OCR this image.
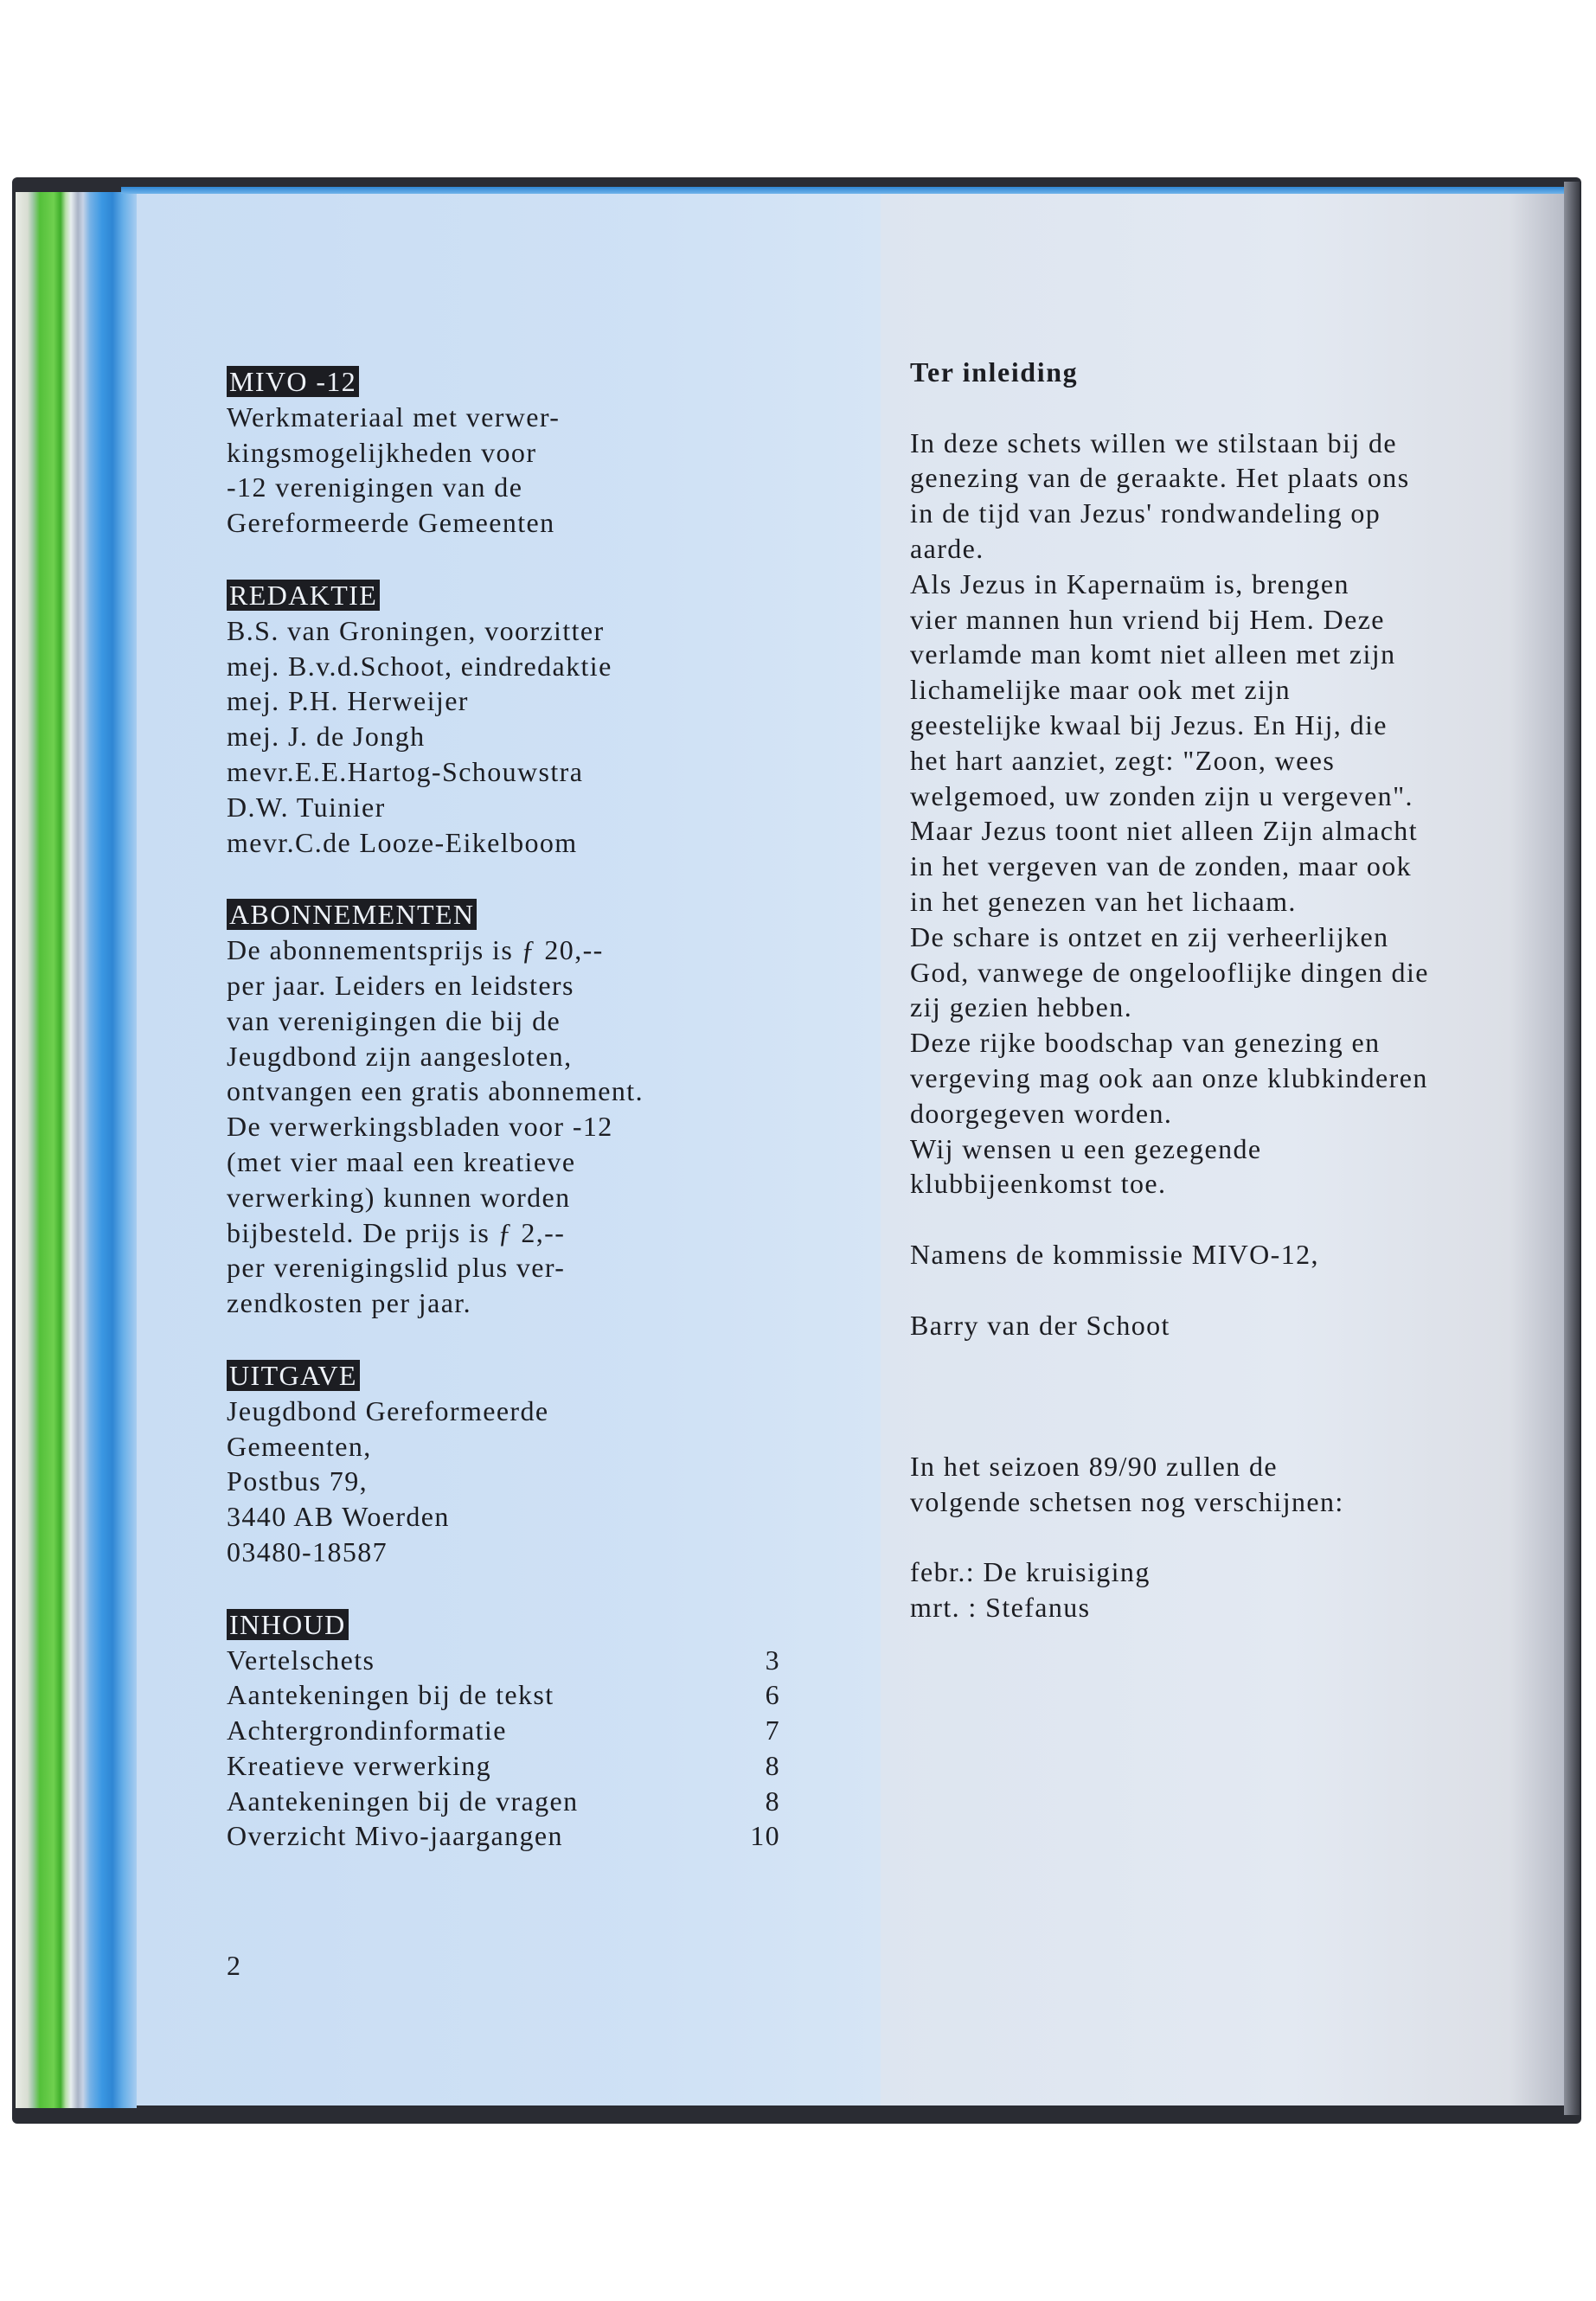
MIVO -12
Werkmateriaal met verwer-
kingsmogelijkheden voor
-12 verenigingen van de
Gereformeerde Gemeenten
REDAKTIE
B.S. van Groningen, voorzitter
mej. B.v.d.Schoot, eindredaktie
mej. P.H. Herweijer
mej. J. de Jongh
mevr.E.E.Hartog-Schouwstra
D.W. Tuinier
mevr.C.de Looze-Eikelboom
ABONNEMENTEN
De abonnementsprijs is ƒ 20,--
per jaar. Leiders en leidsters
van verenigingen die bij de
Jeugdbond zijn aangesloten,
ontvangen een gratis abonnement.
De verwerkingsbladen voor -12
(met vier maal een kreatieve
verwerking) kunnen worden
bijbesteld. De prijs is ƒ 2,--
per verenigingslid plus ver-
zendkosten per jaar.
UITGAVE
Jeugdbond Gereformeerde
Gemeenten,
Postbus 79,
3440 AB Woerden
03480-18587
INHOUD
Vertelschets	3
Aantekeningen bij de tekst	6
Achtergrondinformatie	7
Kreatieve verwerking	8
Aantekeningen bij de vragen	8
Overzicht Mivo-jaargangen	10
2
Ter inleiding
In deze schets willen we stilstaan bij de
genezing van de geraakte. Het plaats ons
in de tijd van Jezus' rondwandeling op
aarde.
Als Jezus in Kapernaüm is, brengen
vier mannen hun vriend bij Hem. Deze
verlamde man komt niet alleen met zijn
lichamelijke maar ook met zijn
geestelijke kwaal bij Jezus. En Hij, die
het hart aanziet, zegt: "Zoon, wees
welgemoed, uw zonden zijn u vergeven".
Maar Jezus toont niet alleen Zijn almacht
in het vergeven van de zonden, maar ook
in het genezen van het lichaam.
De schare is ontzet en zij verheerlijken
God, vanwege de ongelooflijke dingen die
zij gezien hebben.
Deze rijke boodschap van genezing en
vergeving mag ook aan onze klubkinderen
doorgegeven worden.
Wij wensen u een gezegende
klubbijeenkomst toe.
Namens de kommissie MIVO-12,
Barry van der Schoot
In het seizoen 89/90 zullen de
volgende schetsen nog verschijnen:
febr.: De kruisiging
mrt. : Stefanus
